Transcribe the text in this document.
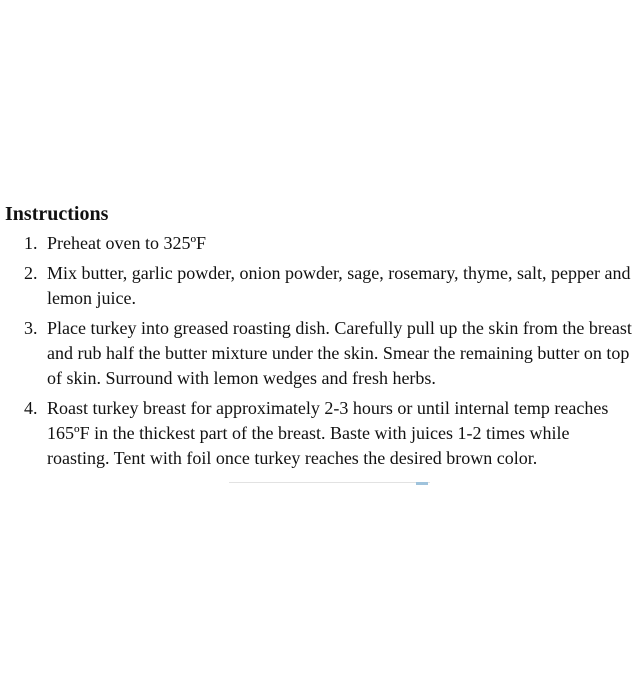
Instructions
1. Preheat oven to 325ºF
2. Mix butter, garlic powder, onion powder, sage, rosemary, thyme, salt, pepper and lemon juice.
3. Place turkey into greased roasting dish. Carefully pull up the skin from the breast and rub half the butter mixture under the skin. Smear the remaining butter on top of skin. Surround with lemon wedges and fresh herbs.
4. Roast turkey breast for approximately 2-3 hours or until internal temp reaches 165ºF in the thickest part of the breast. Baste with juices 1-2 times while roasting. Tent with foil once turkey reaches the desired brown color.
